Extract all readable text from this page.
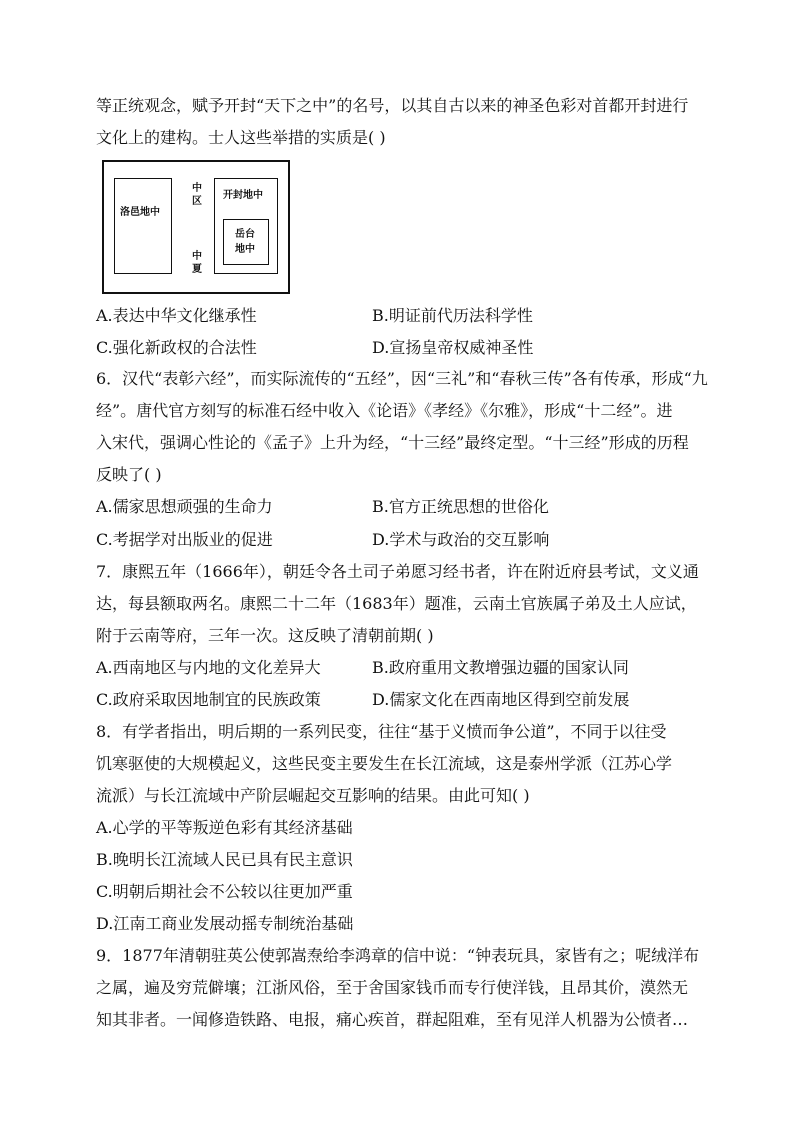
等正统观念，赋予开封“天下之中”的名号，以其自古以来的神圣色彩对首都开封进行
文化上的建构。士人这些举措的实质是( )
洛邑地中
中
区
中
夏
开封地中
岳台
地中
A.表达中华文化继承性	B.明证前代历法科学性
C.强化新政权的合法性	D.宣扬皇帝权威神圣性
6．汉代“表彰六经”，而实际流传的“五经”，因“三礼”和“春秋三传”各有传承，形成“九
经”。唐代官方刻写的标准石经中收入《论语》《孝经》《尔雅》，形成“十二经”。进
入宋代，强调心性论的《孟子》上升为经，“十三经”最终定型。“十三经”形成的历程
反映了( )
A.儒家思想顽强的生命力	B.官方正统思想的世俗化
C.考据学对出版业的促进	D.学术与政治的交互影响
7．康熙五年（1666年），朝廷令各土司子弟愿习经书者，许在附近府县考试，文义通
达，每县额取两名。康熙二十二年（1683年）题准，云南土官族属子弟及土人应试，
附于云南等府，三年一次。这反映了清朝前期( )
A.西南地区与内地的文化差异大	B.政府重用文教增强边疆的国家认同
C.政府采取因地制宜的民族政策	D.儒家文化在西南地区得到空前发展
8．有学者指出，明后期的一系列民变，往往“基于义愤而争公道”，不同于以往受
饥寒驱使的大规模起义，这些民变主要发生在长江流域，这是泰州学派（江苏心学
流派）与长江流域中产阶层崛起交互影响的结果。由此可知( )
A.心学的平等叛逆色彩有其经济基础
B.晚明长江流域人民已具有民主意识
C.明朝后期社会不公较以往更加严重
D.江南工商业发展动摇专制统治基础
9．1877年清朝驻英公使郭嵩焘给李鸿章的信中说：“钟表玩具，家皆有之；呢绒洋布
之属，遍及穷荒僻壤；江浙风俗，至于舍国家钱币而专行使洋钱，且昂其价，漠然无
知其非者。一闻修造铁路、电报，痛心疾首，群起阻难，至有见洋人机器为公愤者…
